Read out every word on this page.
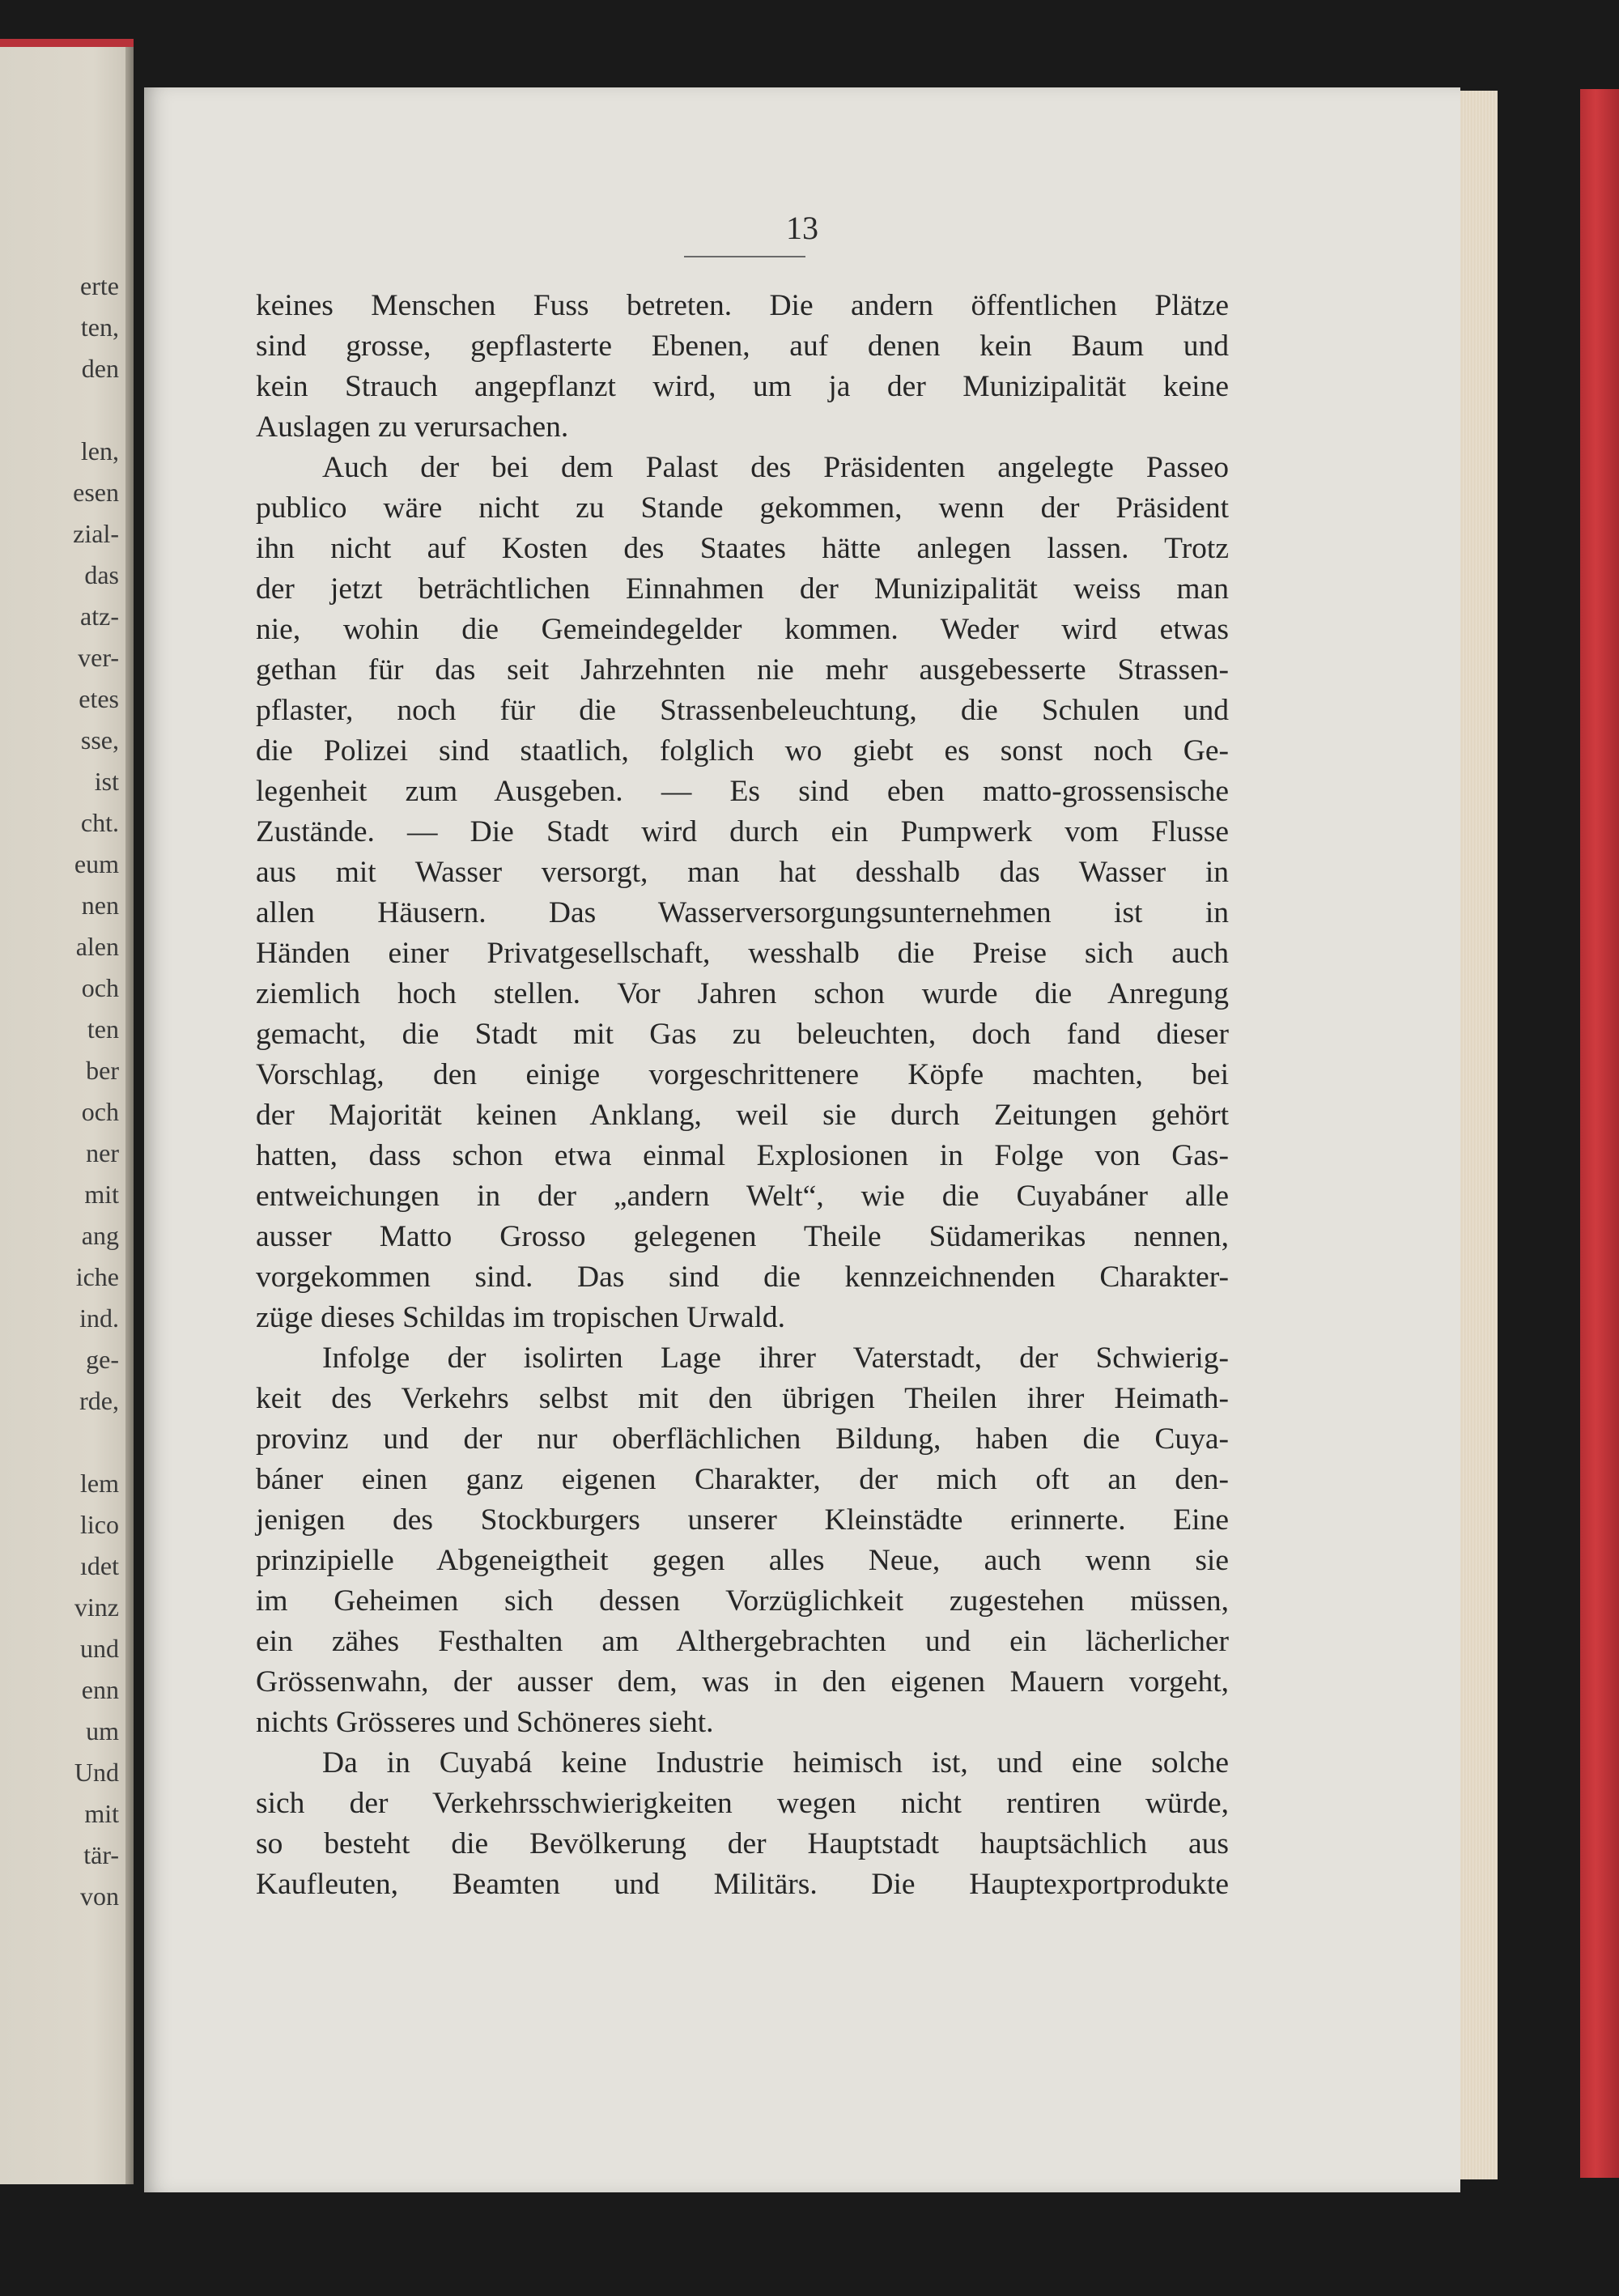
erte
ten,
den
len,
esen
zial-
das
atz-
ver-
etes
sse,
ist
cht.
eum
nen
alen
och
ten
ber
och
ner
mit
ang
iche
ind.
ge-
rde,
lem
lico
ıdet
vinz
und
enn
um
Und
mit
tär-
von
13
keines Menschen Fuss betreten. Die andern öffentlichen Plätze
sind grosse, gepflasterte Ebenen, auf denen kein Baum und
kein Strauch angepflanzt wird, um ja der Munizipalität keine
Auslagen zu verursachen.
Auch der bei dem Palast des Präsidenten angelegte Passeo
publico wäre nicht zu Stande gekommen, wenn der Präsident
ihn nicht auf Kosten des Staates hätte anlegen lassen. Trotz
der jetzt beträchtlichen Einnahmen der Munizipalität weiss man
nie, wohin die Gemeindegelder kommen. Weder wird etwas
gethan für das seit Jahrzehnten nie mehr ausgebesserte Strassen-
pflaster, noch für die Strassenbeleuchtung, die Schulen und
die Polizei sind staatlich, folglich wo giebt es sonst noch Ge-
legenheit zum Ausgeben. — Es sind eben matto-grossensische
Zustände. — Die Stadt wird durch ein Pumpwerk vom Flusse
aus mit Wasser versorgt, man hat desshalb das Wasser in
allen Häusern. Das Wasserversorgungsunternehmen ist in
Händen einer Privatgesellschaft, wesshalb die Preise sich auch
ziemlich hoch stellen. Vor Jahren schon wurde die Anregung
gemacht, die Stadt mit Gas zu beleuchten, doch fand dieser
Vorschlag, den einige vorgeschrittenere Köpfe machten, bei
der Majorität keinen Anklang, weil sie durch Zeitungen gehört
hatten, dass schon etwa einmal Explosionen in Folge von Gas-
entweichungen in der „andern Welt“, wie die Cuyabáner alle
ausser Matto Grosso gelegenen Theile Südamerikas nennen,
vorgekommen sind. Das sind die kennzeichnenden Charakter-
züge dieses Schildas im tropischen Urwald.
Infolge der isolirten Lage ihrer Vaterstadt, der Schwierig-
keit des Verkehrs selbst mit den übrigen Theilen ihrer Heimath-
provinz und der nur oberflächlichen Bildung, haben die Cuya-
báner einen ganz eigenen Charakter, der mich oft an den-
jenigen des Stockburgers unserer Kleinstädte erinnerte. Eine
prinzipielle Abgeneigtheit gegen alles Neue, auch wenn sie
im Geheimen sich dessen Vorzüglichkeit zugestehen müssen,
ein zähes Festhalten am Althergebrachten und ein lächerlicher
Grössenwahn, der ausser dem, was in den eigenen Mauern vorgeht,
nichts Grösseres und Schöneres sieht.
Da in Cuyabá keine Industrie heimisch ist, und eine solche
sich der Verkehrsschwierigkeiten wegen nicht rentiren würde,
so besteht die Bevölkerung der Hauptstadt hauptsächlich aus
Kaufleuten, Beamten und Militärs. Die Hauptexportprodukte
